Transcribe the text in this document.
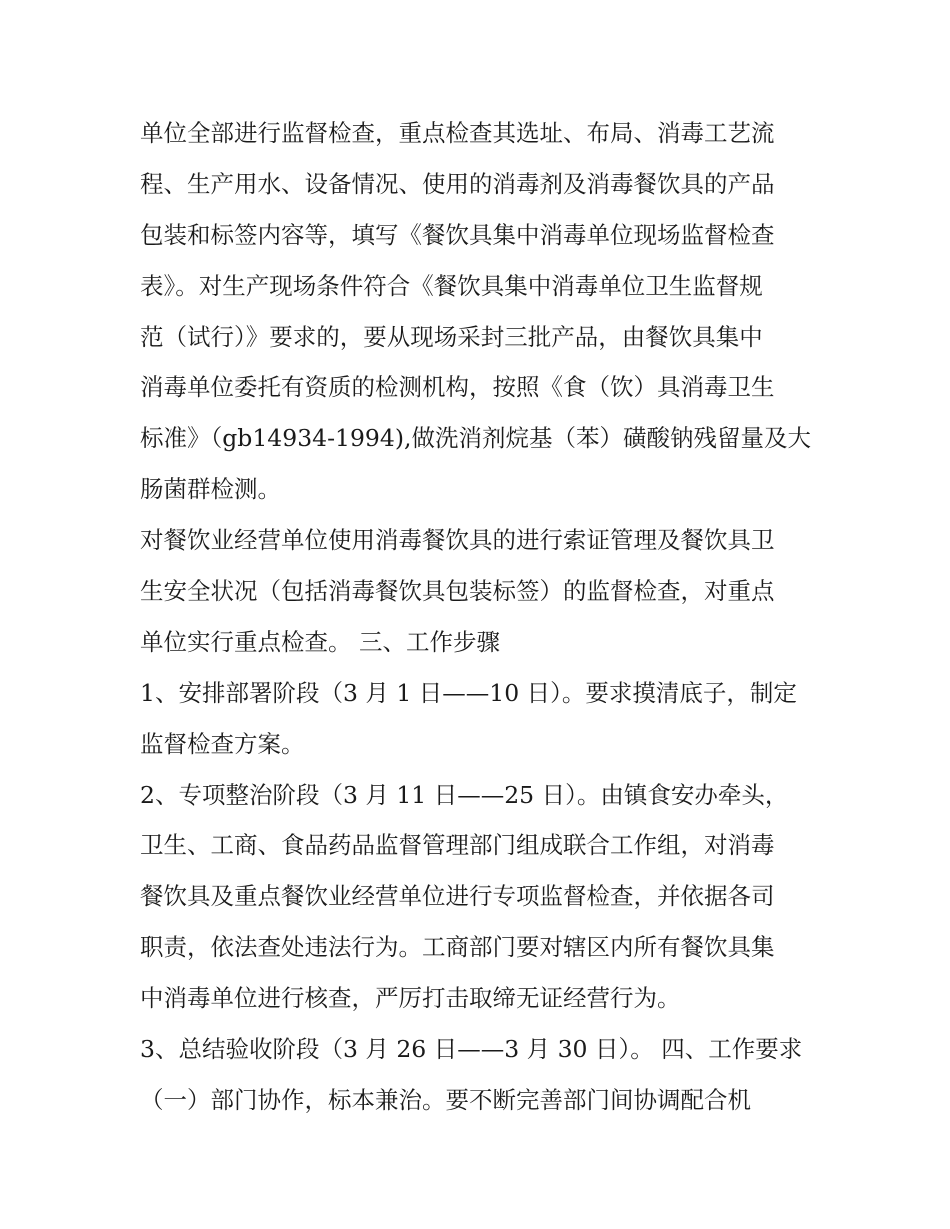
单位全部进行监督检查，重点检查其选址、布局、消毒工艺流
程、生产用水、设备情况、使用的消毒剂及消毒餐饮具的产品
包装和标签内容等，填写《餐饮具集中消毒单位现场监督检查
表》。对生产现场条件符合《餐饮具集中消毒单位卫生监督规
范（试行）》要求的，要从现场采封三批产品，由餐饮具集中
消毒单位委托有资质的检测机构，按照《食（饮）具消毒卫生
标准》（gb14934-1994),做洗消剂烷基（苯）磺酸钠残留量及大
肠菌群检测。
对餐饮业经营单位使用消毒餐饮具的进行索证管理及餐饮具卫
生安全状况（包括消毒餐饮具包装标签）的监督检查，对重点
单位实行重点检查。 三、工作步骤
1、安排部署阶段（3 月 1 日——10 日）。要求摸清底子，制定
监督检查方案。
2、专项整治阶段（3 月 11 日——25 日）。由镇食安办牵头，
卫生、工商、食品药品监督管理部门组成联合工作组，对消毒
餐饮具及重点餐饮业经营单位进行专项监督检查，并依据各司
职责，依法查处违法行为。工商部门要对辖区内所有餐饮具集
中消毒单位进行核查，严厉打击取缔无证经营行为。
3、总结验收阶段（3 月 26 日——3 月 30 日）。 四、工作要求
（一）部门协作，标本兼治。要不断完善部门间协调配合机
